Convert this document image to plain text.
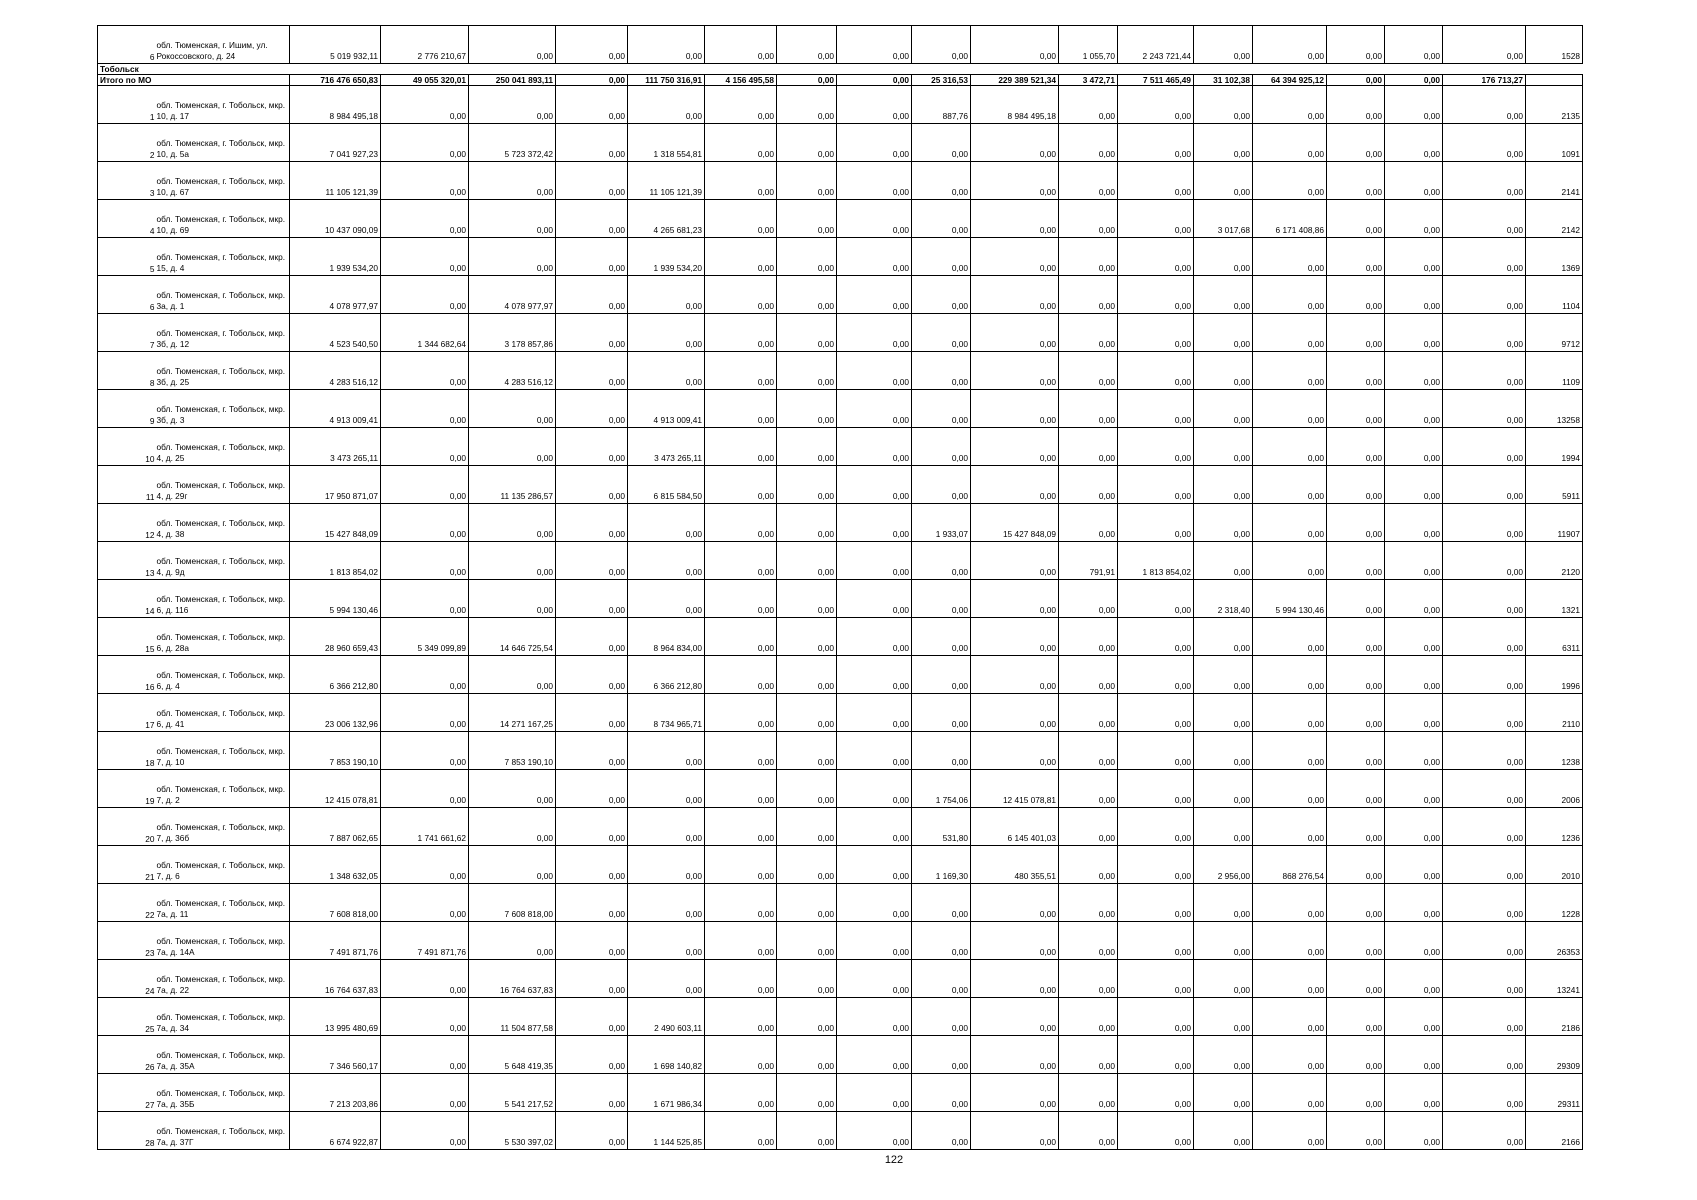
6	обл. Тюменская, г. Ишим, ул. Рокоссовского, д. 24	5 019 932,11	2 776 210,67	0,00	0,00	0,00	0,00	0,00	0,00	0,00	0,00	1 055,70	2 243 721,44	0,00	0,00	0,00	0,00	0,00	1528
Тобольск																			
Итого по МО		716 476 650,83	49 055 320,01	250 041 893,11	0,00	111 750 316,91	4 156 495,58	0,00	0,00	25 316,53	229 389 521,34	3 472,71	7 511 465,49	31 102,38	64 394 925,12	0,00	0,00	176 713,27	
1	обл. Тюменская, г. Тобольск, мкр. 10, д. 17	8 984 495,18	0,00	0,00	0,00	0,00	0,00	0,00	0,00	887,76	8 984 495,18	0,00	0,00	0,00	0,00	0,00	0,00	0,00	2135
2	обл. Тюменская, г. Тобольск, мкр. 10, д. 5а	7 041 927,23	0,00	5 723 372,42	0,00	1 318 554,81	0,00	0,00	0,00	0,00	0,00	0,00	0,00	0,00	0,00	0,00	0,00	0,00	1091
3	обл. Тюменская, г. Тобольск, мкр. 10, д. 67	11 105 121,39	0,00	0,00	0,00	11 105 121,39	0,00	0,00	0,00	0,00	0,00	0,00	0,00	0,00	0,00	0,00	0,00	0,00	2141
4	обл. Тюменская, г. Тобольск, мкр. 10, д. 69	10 437 090,09	0,00	0,00	0,00	4 265 681,23	0,00	0,00	0,00	0,00	0,00	0,00	0,00	3 017,68	6 171 408,86	0,00	0,00	0,00	2142
5	обл. Тюменская, г. Тобольск, мкр. 15, д. 4	1 939 534,20	0,00	0,00	0,00	1 939 534,20	0,00	0,00	0,00	0,00	0,00	0,00	0,00	0,00	0,00	0,00	0,00	0,00	1369
6	обл. Тюменская, г. Тобольск, мкр. 3а, д. 1	4 078 977,97	0,00	4 078 977,97	0,00	0,00	0,00	0,00	0,00	0,00	0,00	0,00	0,00	0,00	0,00	0,00	0,00	0,00	1104
7	обл. Тюменская, г. Тобольск, мкр. 3б, д. 12	4 523 540,50	1 344 682,64	3 178 857,86	0,00	0,00	0,00	0,00	0,00	0,00	0,00	0,00	0,00	0,00	0,00	0,00	0,00	0,00	9712
8	обл. Тюменская, г. Тобольск, мкр. 3б, д. 25	4 283 516,12	0,00	4 283 516,12	0,00	0,00	0,00	0,00	0,00	0,00	0,00	0,00	0,00	0,00	0,00	0,00	0,00	0,00	1109
9	обл. Тюменская, г. Тобольск, мкр. 3б, д. 3	4 913 009,41	0,00	0,00	0,00	4 913 009,41	0,00	0,00	0,00	0,00	0,00	0,00	0,00	0,00	0,00	0,00	0,00	0,00	13258
10	обл. Тюменская, г. Тобольск, мкр. 4, д. 25	3 473 265,11	0,00	0,00	0,00	3 473 265,11	0,00	0,00	0,00	0,00	0,00	0,00	0,00	0,00	0,00	0,00	0,00	0,00	1994
11	обл. Тюменская, г. Тобольск, мкр. 4, д. 29г	17 950 871,07	0,00	11 135 286,57	0,00	6 815 584,50	0,00	0,00	0,00	0,00	0,00	0,00	0,00	0,00	0,00	0,00	0,00	0,00	5911
12	обл. Тюменская, г. Тобольск, мкр. 4, д. 38	15 427 848,09	0,00	0,00	0,00	0,00	0,00	0,00	0,00	1 933,07	15 427 848,09	0,00	0,00	0,00	0,00	0,00	0,00	0,00	11907
13	обл. Тюменская, г. Тобольск, мкр. 4, д. 9д	1 813 854,02	0,00	0,00	0,00	0,00	0,00	0,00	0,00	0,00	0,00	791,91	1 813 854,02	0,00	0,00	0,00	0,00	0,00	2120
14	обл. Тюменская, г. Тобольск, мкр. 6, д. 116	5 994 130,46	0,00	0,00	0,00	0,00	0,00	0,00	0,00	0,00	0,00	0,00	0,00	2 318,40	5 994 130,46	0,00	0,00	0,00	1321
15	обл. Тюменская, г. Тобольск, мкр. 6, д. 28а	28 960 659,43	5 349 099,89	14 646 725,54	0,00	8 964 834,00	0,00	0,00	0,00	0,00	0,00	0,00	0,00	0,00	0,00	0,00	0,00	0,00	6311
16	обл. Тюменская, г. Тобольск, мкр. 6, д. 4	6 366 212,80	0,00	0,00	0,00	6 366 212,80	0,00	0,00	0,00	0,00	0,00	0,00	0,00	0,00	0,00	0,00	0,00	0,00	1996
17	обл. Тюменская, г. Тобольск, мкр. 6, д. 41	23 006 132,96	0,00	14 271 167,25	0,00	8 734 965,71	0,00	0,00	0,00	0,00	0,00	0,00	0,00	0,00	0,00	0,00	0,00	0,00	2110
18	обл. Тюменская, г. Тобольск, мкр. 7, д. 10	7 853 190,10	0,00	7 853 190,10	0,00	0,00	0,00	0,00	0,00	0,00	0,00	0,00	0,00	0,00	0,00	0,00	0,00	0,00	1238
19	обл. Тюменская, г. Тобольск, мкр. 7, д. 2	12 415 078,81	0,00	0,00	0,00	0,00	0,00	0,00	0,00	1 754,06	12 415 078,81	0,00	0,00	0,00	0,00	0,00	0,00	0,00	2006
20	обл. Тюменская, г. Тобольск, мкр. 7, д. 36б	7 887 062,65	1 741 661,62	0,00	0,00	0,00	0,00	0,00	0,00	531,80	6 145 401,03	0,00	0,00	0,00	0,00	0,00	0,00	0,00	1236
21	обл. Тюменская, г. Тобольск, мкр. 7, д. 6	1 348 632,05	0,00	0,00	0,00	0,00	0,00	0,00	0,00	1 169,30	480 355,51	0,00	0,00	2 956,00	868 276,54	0,00	0,00	0,00	2010
22	обл. Тюменская, г. Тобольск, мкр. 7а, д. 11	7 608 818,00	0,00	7 608 818,00	0,00	0,00	0,00	0,00	0,00	0,00	0,00	0,00	0,00	0,00	0,00	0,00	0,00	0,00	1228
23	обл. Тюменская, г. Тобольск, мкр. 7а, д. 14А	7 491 871,76	7 491 871,76	0,00	0,00	0,00	0,00	0,00	0,00	0,00	0,00	0,00	0,00	0,00	0,00	0,00	0,00	0,00	26353
24	обл. Тюменская, г. Тобольск, мкр. 7а, д. 22	16 764 637,83	0,00	16 764 637,83	0,00	0,00	0,00	0,00	0,00	0,00	0,00	0,00	0,00	0,00	0,00	0,00	0,00	0,00	13241
25	обл. Тюменская, г. Тобольск, мкр. 7а, д. 34	13 995 480,69	0,00	11 504 877,58	0,00	2 490 603,11	0,00	0,00	0,00	0,00	0,00	0,00	0,00	0,00	0,00	0,00	0,00	0,00	2186
26	обл. Тюменская, г. Тобольск, мкр. 7а, д. 35А	7 346 560,17	0,00	5 648 419,35	0,00	1 698 140,82	0,00	0,00	0,00	0,00	0,00	0,00	0,00	0,00	0,00	0,00	0,00	0,00	29309
27	обл. Тюменская, г. Тобольск, мкр. 7а, д. 35Б	7 213 203,86	0,00	5 541 217,52	0,00	1 671 986,34	0,00	0,00	0,00	0,00	0,00	0,00	0,00	0,00	0,00	0,00	0,00	0,00	29311
28	обл. Тюменская, г. Тобольск, мкр. 7а, д. 37Г	6 674 922,87	0,00	5 530 397,02	0,00	1 144 525,85	0,00	0,00	0,00	0,00	0,00	0,00	0,00	0,00	0,00	0,00	0,00	0,00	2166
122
